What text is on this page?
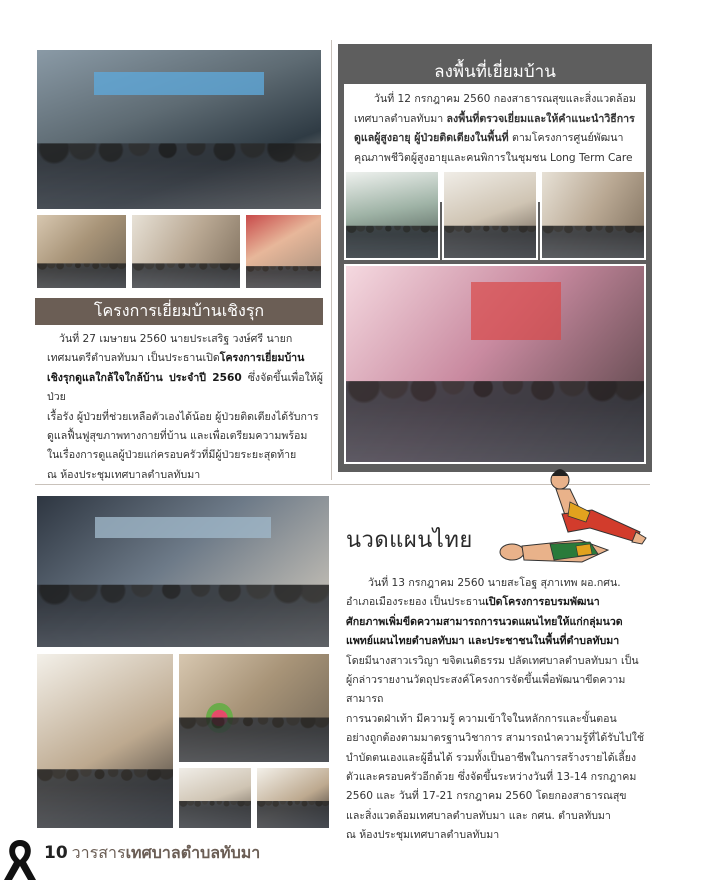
โครงการเยี่ยมบ้านเชิงรุก
วันที่ 27 เมษายน 2560 นายประเสริฐ วงษ์ศรี นายก
เทศมนตรีตำบลทับมา เป็นประธานเปิดโครงการเยี่ยมบ้าน
เชิงรุกดูแลใกล้ใจใกล้บ้าน ประจำปี 2560 ซึ่งจัดขึ้นเพื่อให้ผู้ป่วย
เรื้อรัง ผู้ป่วยที่ช่วยเหลือตัวเองได้น้อย ผู้ป่วยติดเตียงได้รับการ
ดูแลฟื้นฟูสุขภาพทางกายที่บ้าน และเพื่อเตรียมความพร้อม
ในเรื่องการดูแลผู้ป่วยแก่ครอบครัวที่มีผู้ป่วยระยะสุดท้าย
ณ ห้องประชุมเทศบาลตำบลทับมา
ลงพื้นที่เยี่ยมบ้าน
วันที่ 12 กรกฎาคม 2560 กองสาธารณสุขและสิ่งแวดล้อม
เทศบาลตำบลทับมา ลงพื้นที่ตรวจเยี่ยมและให้คำแนะนำวิธีการ
ดูแลผู้สูงอายุ ผู้ป่วยติดเตียงในพื้นที่ ตามโครงการศูนย์พัฒนา
คุณภาพชีวิตผู้สูงอายุและคนพิการในชุมชน Long Term Care
นวดแผนไทย
วันที่ 13 กรกฎาคม 2560 นายสะโอฐ สุภาเทพ ผอ.กศน.
อำเภอเมืองระยอง เป็นประธานเปิดโครงการอบรมพัฒนา
ศักยภาพเพิ่มขีดความสามารถการนวดแผนไทยให้แก่กลุ่มนวด
แพทย์แผนไทยตำบลทับมา และประชาชนในพื้นที่ตำบลทับมา
โดยมีนางสาวเรวิญา ขจิตเนติธรรม ปลัดเทศบาลตำบลทับมา เป็น
ผู้กล่าวรายงานวัตถุประสงค์โครงการจัดขึ้นเพื่อพัฒนาขีดความสามารถ
การนวดฝ่าเท้า มีความรู้ ความเข้าใจในหลักการและขั้นตอน
อย่างถูกต้องตามมาตรฐานวิชาการ สามารถนำความรู้ที่ได้รับไปใช้
บำบัดตนเองและผู้อื่นได้ รวมทั้งเป็นอาชีพในการสร้างรายได้เลี้ยง
ตัวและครอบครัวอีกด้วย ซึ่งจัดขึ้นระหว่างวันที่ 13-14 กรกฎาคม
2560 และ วันที่ 17-21 กรกฎาคม 2560 โดยกองสาธารณสุข
และสิ่งแวดล้อมเทศบาลตำบลทับมา และ กศน. ตำบลทับมา
ณ ห้องประชุมเทศบาลตำบลทับมา
10 วารสาร เทศบาลตำบลทับมา
